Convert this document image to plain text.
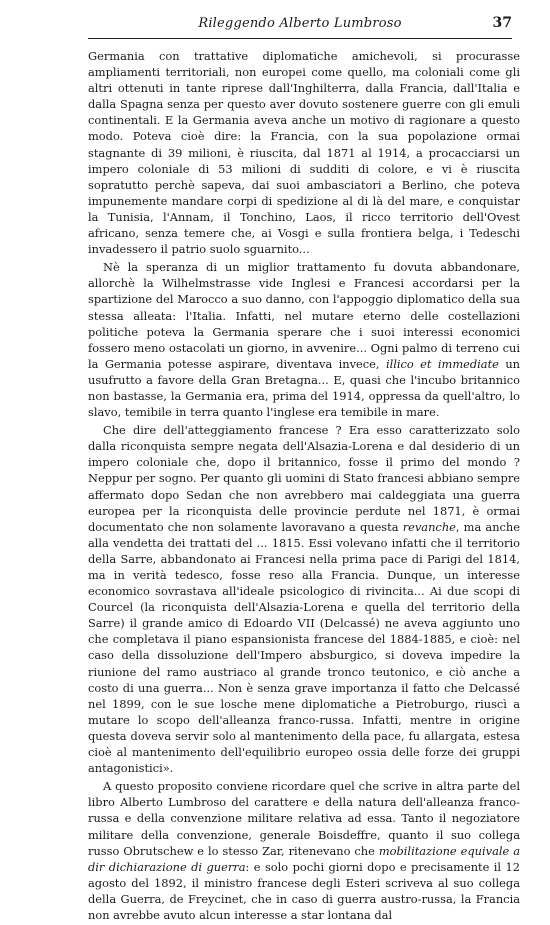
Rileggendo Alberto Lumbroso	37

Germania con trattative diplomatiche amichevoli, si procurasse ampliamenti territoriali, non europei come quello, ma coloniali come gli altri ottenuti in tante riprese dall'Inghilterra, dalla Francia, dall'Italia e dalla Spagna senza per questo aver dovuto sostenere guerre con gli emuli continentali. E la Germania aveva anche un motivo di ragionare a questo modo. Poteva cioè dire: la Francia, con la sua popolazione ormai stagnante di 39 milioni, è riuscita, dal 1871 al 1914, a procacciarsi un impero coloniale di 53 milioni di sudditi di colore, e vi è riuscita sopratutto perchè sapeva, dai suoi ambasciatori a Berlino, che poteva impunemente mandare corpi di spedizione al di là del mare, e conquistar la Tunisia, l'Annam, il Tonchino, Laos, il ricco territorio dell'Ovest africano, senza temere che, ai Vosgi e sulla frontiera belga, i Tedeschi invadessero il patrio suolo sguarnito...

Nè la speranza di un miglior trattamento fu dovuta abbandonare, allorchè la Wilhelmstrasse vide Inglesi e Francesi accordarsi per la spartizione del Marocco a suo danno, con l'appoggio diplomatico della sua stessa alleata: l'Italia. Infatti, nel mutare eterno delle costellazioni politiche poteva la Germania sperare che i suoi interessi economici fossero meno ostacolati un giorno, in avvenire... Ogni palmo di terreno cui la Germania potesse aspirare, diventava invece, illico et immediate un usufrutto a favore della Gran Bretagna... E, quasi che l'incubo britannico non bastasse, la Germania era, prima del 1914, oppressa da quell'altro, lo slavo, temibile in terra quanto l'inglese era temibile in mare.

Che dire dell'atteggiamento francese ? Era esso caratterizzato solo dalla riconquista sempre negata dell'Alsazia-Lorena e dal desiderio di un impero coloniale che, dopo il britannico, fosse il primo del mondo ? Neppur per sogno. Per quanto gli uomini di Stato francesi abbiano sempre affermato dopo Sedan che non avrebbero mai caldeggiata una guerra europea per la riconquista delle provincie perdute nel 1871, è ormai documentato che non solamente lavoravano a questa revanche, ma anche alla vendetta dei trattati del ... 1815. Essi volevano infatti che il territorio della Sarre, abbandonato ai Francesi nella prima pace di Parigi del 1814, ma in verità tedesco, fosse reso alla Francia. Dunque, un interesse economico sovrastava all'ideale psicologico di rivincita... Ai due scopi di Courcel (la riconquista dell'Alsazia-Lorena e quella del territorio della Sarre) il grande amico di Edoardo VII (Delcassé) ne aveva aggiunto uno che completava il piano espansionista francese del 1884-1885, e cioè: nel caso della dissoluzione dell'Impero absburgico, si doveva impedire la riunione del ramo austriaco al grande tronco teutonico, e ciò anche a costo di una guerra... Non è senza grave importanza il fatto che Delcassé nel 1899, con le sue losche mene diplomatiche a Pietroburgo, riuscì a mutare lo scopo dell'alleanza franco-russa. Infatti, mentre in origine questa doveva servir solo al mantenimento della pace, fu allargata, estesa cioè al mantenimento dell'equilibrio europeo ossia delle forze dei gruppi antagonistici».

A questo proposito conviene ricordare quel che scrive in altra parte del libro Alberto Lumbroso del carattere e della natura dell'alleanza franco-russa e della convenzione militare relativa ad essa. Tanto il negoziatore militare della convenzione, generale Boisdeffre, quanto il suo collega russo Obrutschew e lo stesso Zar, ritenevano che mobilitazione equivale a dir dichiarazione di guerra: e solo pochi giorni dopo e precisamente il 12 agosto del 1892, il ministro francese degli Esteri scriveva al suo collega della Guerra, de Freycinet, che in caso di guerra austro-russa, la Francia non avrebbe avuto alcun interesse a star lontana dal
